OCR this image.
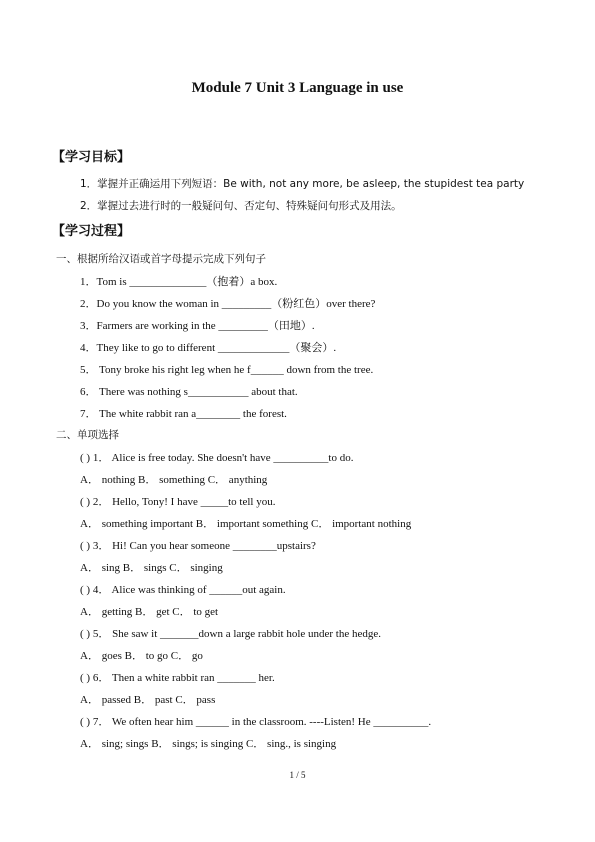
Module 7 Unit 3 Language in use
【学习目标】
1．掌握并正确运用下列短语：Be with, not any more, be asleep, the stupidest tea party
2．掌握过去进行时的一般疑问句、否定句、特殊疑问句形式及用法。
【学习过程】
一、根据所给汉语或首字母提示完成下列句子
1．Tom is ______________（抱着）a box.
2．Do you know the woman in _________（粉红色）over there?
3．Farmers are working in the _________（田地）.
4．They like to go to different _____________（聚会）.
5． Tony broke his right leg when he f______ down from the tree.
6． There was nothing s___________ about that.
7． The white rabbit ran a________ the forest.
二、单项选择
( ) 1． Alice is free today. She doesn't have __________to do.
A． nothing B． something C． anything
( ) 2． Hello, Tony! I have _____to tell you.
A． something important B． important something C． important nothing
( ) 3． Hi! Can you hear someone ________upstairs?
A． sing B． sings C． singing
( ) 4． Alice was thinking of ______out again.
A． getting B． get C． to get
( ) 5． She saw it _______down a large rabbit hole under the hedge.
A． goes B． to go C． go
( ) 6． Then a white rabbit ran _______ her.
A． passed B． past C． pass
( ) 7． We often hear him ______ in the classroom. ----Listen! He __________.
A． sing; sings B． sings; is singing C． sing., is singing
1 / 5
